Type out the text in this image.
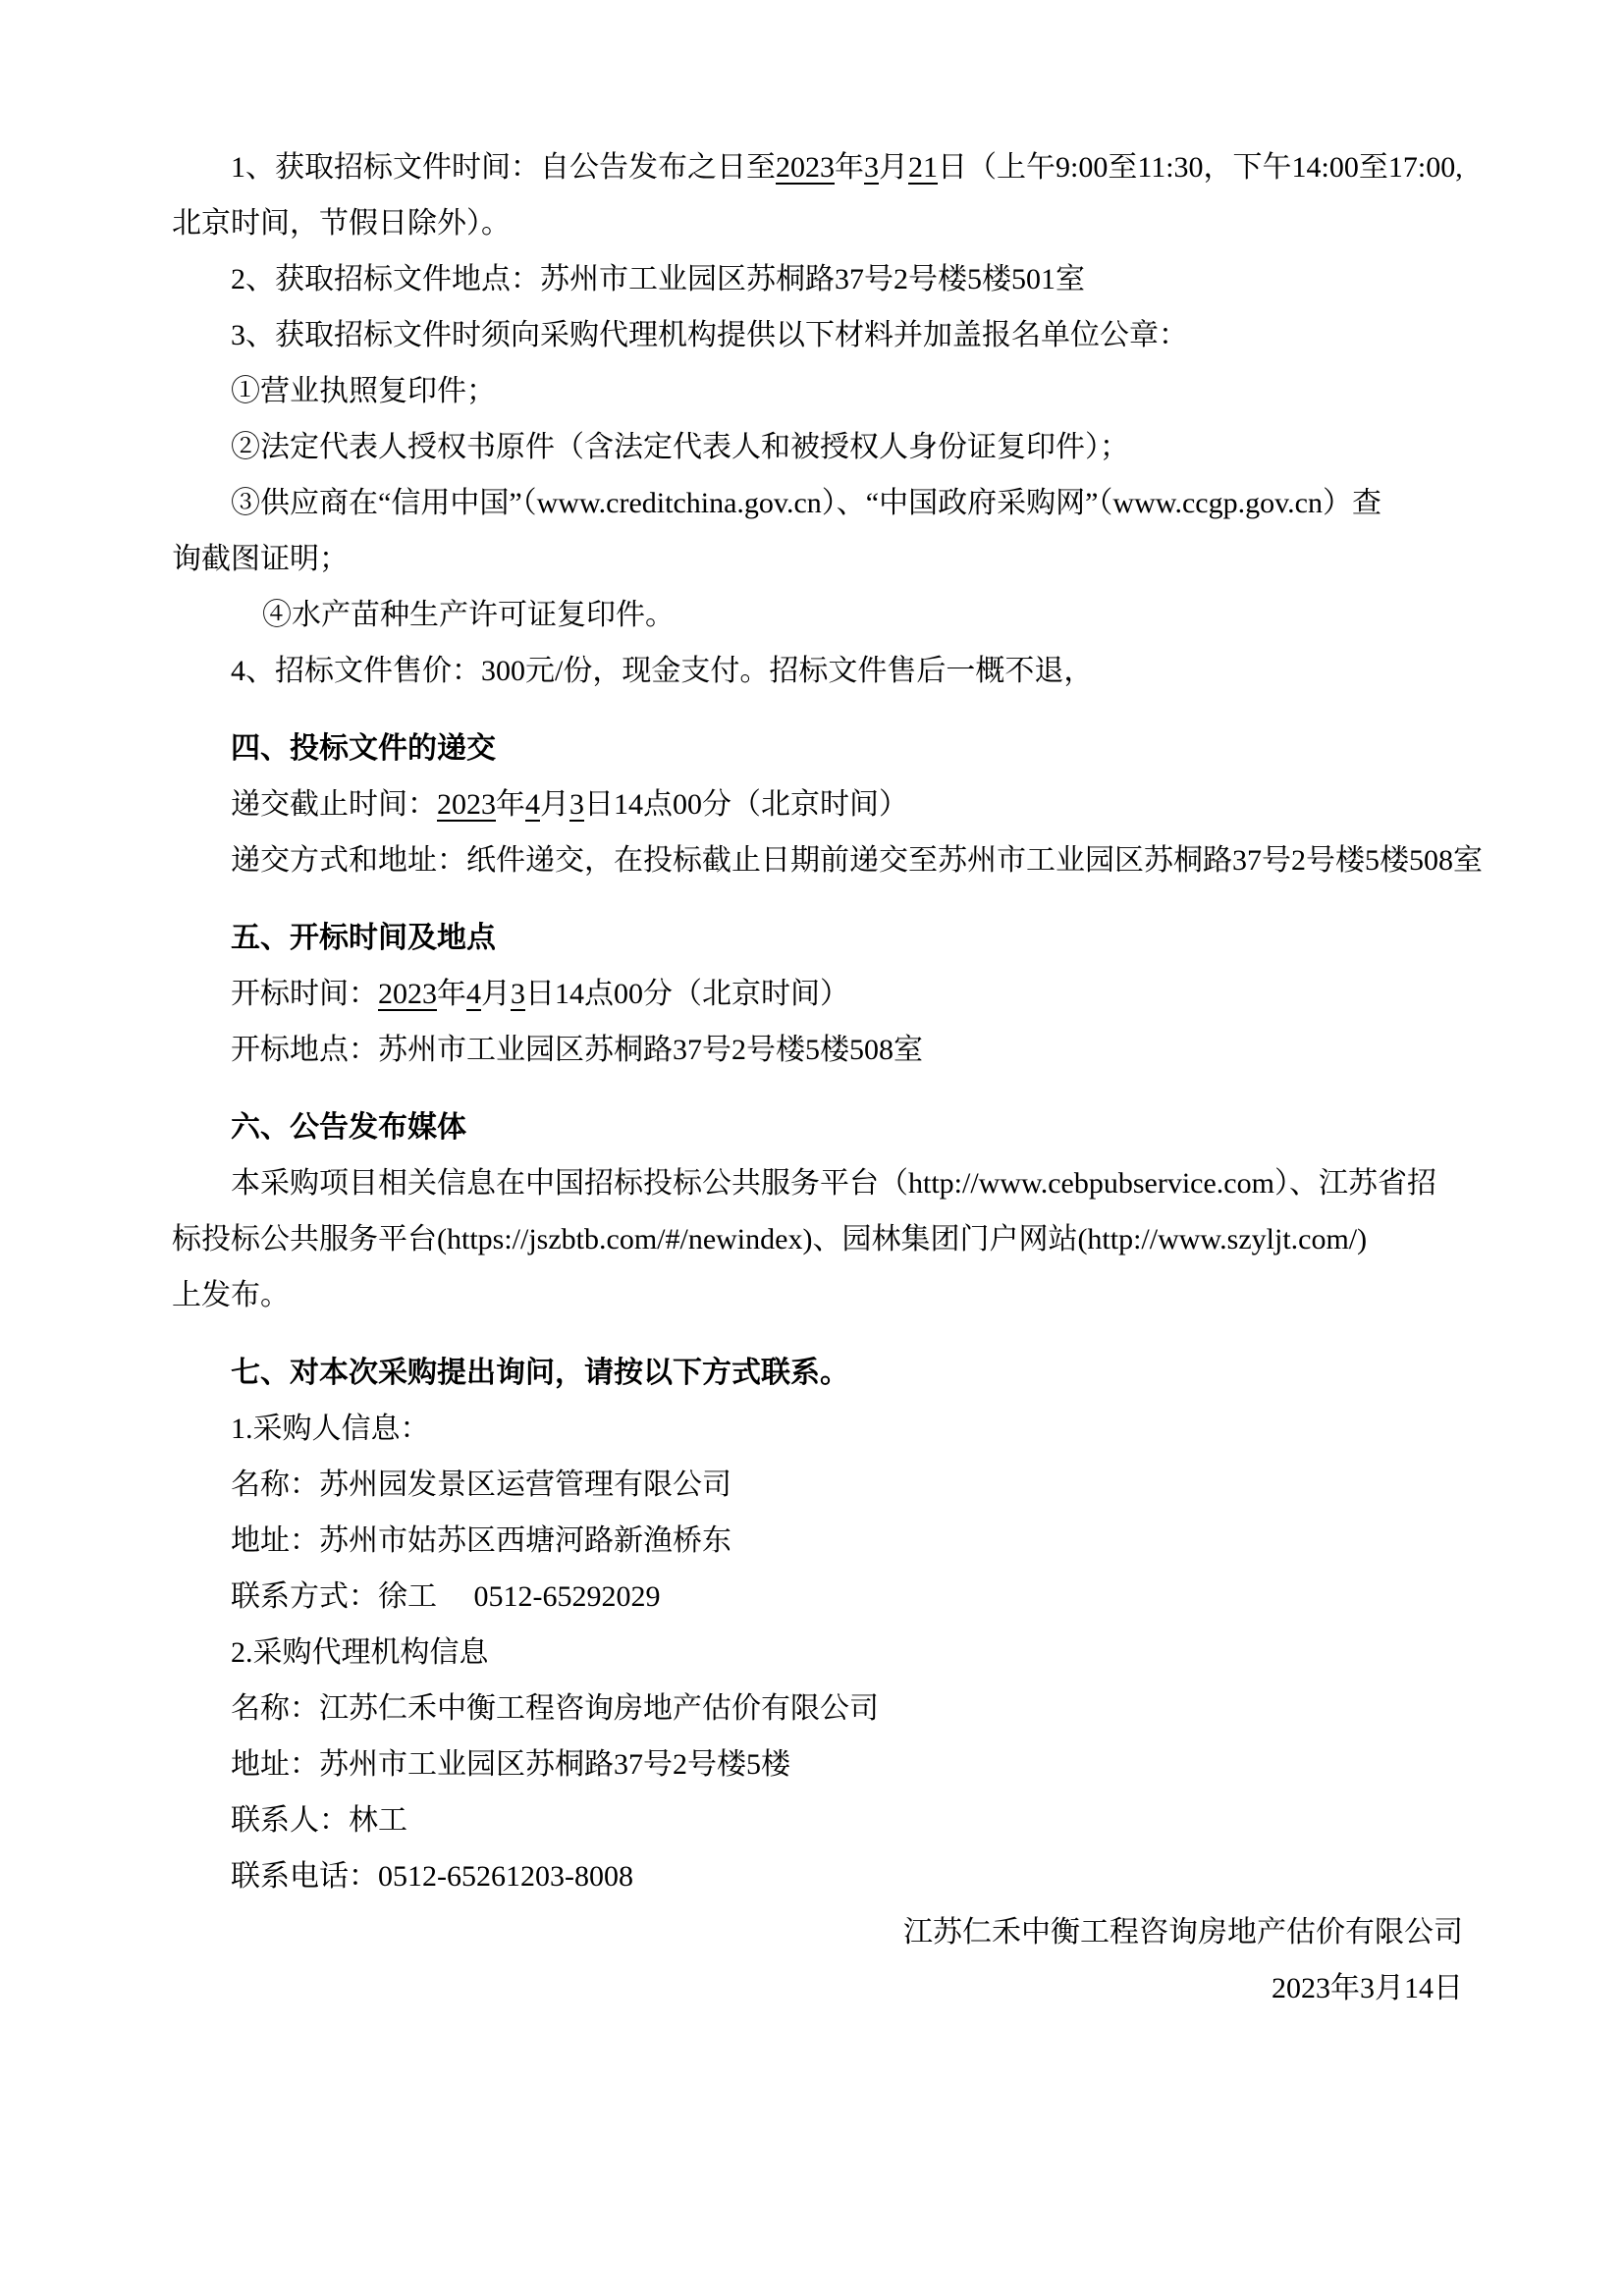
1、获取招标文件时间：自公告发布之日至2023年3月21日（上午9:00至11:30，下午14:00至17:00,
北京时间，节假日除外）。
2、获取招标文件地点：苏州市工业园区苏桐路37号2号楼5楼501室
3、获取招标文件时须向采购代理机构提供以下材料并加盖报名单位公章：
①营业执照复印件；
②法定代表人授权书原件（含法定代表人和被授权人身份证复印件）；
③供应商在“信用中国”（www.creditchina.gov.cn）、“中国政府采购网”（www.ccgp.gov.cn）查
询截图证明；
④水产苗种生产许可证复印件。
4、招标文件售价：300元/份，现金支付。招标文件售后一概不退，
四、投标文件的递交
递交截止时间：2023年4月3日14点00分（北京时间）
递交方式和地址：纸件递交，在投标截止日期前递交至苏州市工业园区苏桐路37号2号楼5楼508室
五、开标时间及地点
开标时间：2023年4月3日14点00分（北京时间）
开标地点：苏州市工业园区苏桐路37号2号楼5楼508室
六、公告发布媒体
本采购项目相关信息在中国招标投标公共服务平台（http://www.cebpubservice.com）、江苏省招
标投标公共服务平台(https://jszbtb.com/#/newindex)、园林集团门户网站(http://www.szyljt.com/)
上发布。
七、对本次采购提出询问，请按以下方式联系。
1.采购人信息：
名称：苏州园发景区运营管理有限公司
地址：苏州市姑苏区西塘河路新渔桥东
联系方式：徐工　 0512-65292029
2.采购代理机构信息
名称：江苏仁禾中衡工程咨询房地产估价有限公司
地址：苏州市工业园区苏桐路37号2号楼5楼
联系人：林工
联系电话：0512-65261203-8008
江苏仁禾中衡工程咨询房地产估价有限公司
2023年3月14日
